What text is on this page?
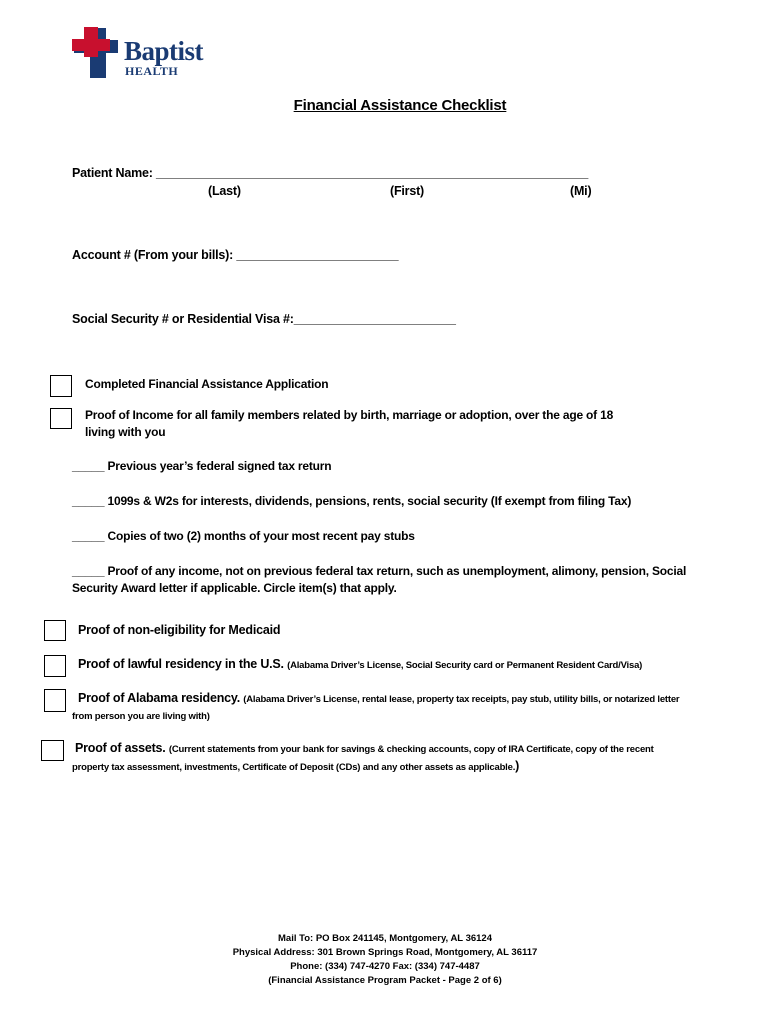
Baptist
HEALTH
Financial Assistance Checklist
Patient Name: ________________________________________________________________
(Last)	(First)	(Mi)
Account # (From your bills): ________________________
Social Security # or Residential Visa #:________________________
Completed Financial Assistance Application
Proof of Income for all family members related by birth, marriage or adoption, over the age of 18
living with you
_____ Previous year’s federal signed tax return
_____ 1099s & W2s for interests, dividends, pensions, rents, social security (If exempt from filing Tax)
_____ Copies of two (2) months of your most recent pay stubs
_____ Proof of any income, not on previous federal tax return, such as unemployment, alimony, pension, Social
Security Award letter if applicable. Circle item(s) that apply.
Proof of non-eligibility for Medicaid
Proof of lawful residency in the U.S. (Alabama Driver’s License, Social Security card or Permanent Resident Card/Visa)
Proof of Alabama residency. (Alabama Driver’s License, rental lease, property tax receipts, pay stub, utility bills, or notarized letter
from person you are living with)
Proof of assets. (Current statements from your bank for savings & checking accounts, copy of IRA Certificate, copy of the recent
property tax assessment, investments, Certificate of Deposit (CDs) and any other assets as applicable.)
Mail To: PO Box 241145, Montgomery, AL 36124
Physical Address: 301 Brown Springs Road, Montgomery, AL 36117
Phone: (334) 747-4270 Fax: (334) 747-4487
(Financial Assistance Program Packet - Page 2 of 6)
